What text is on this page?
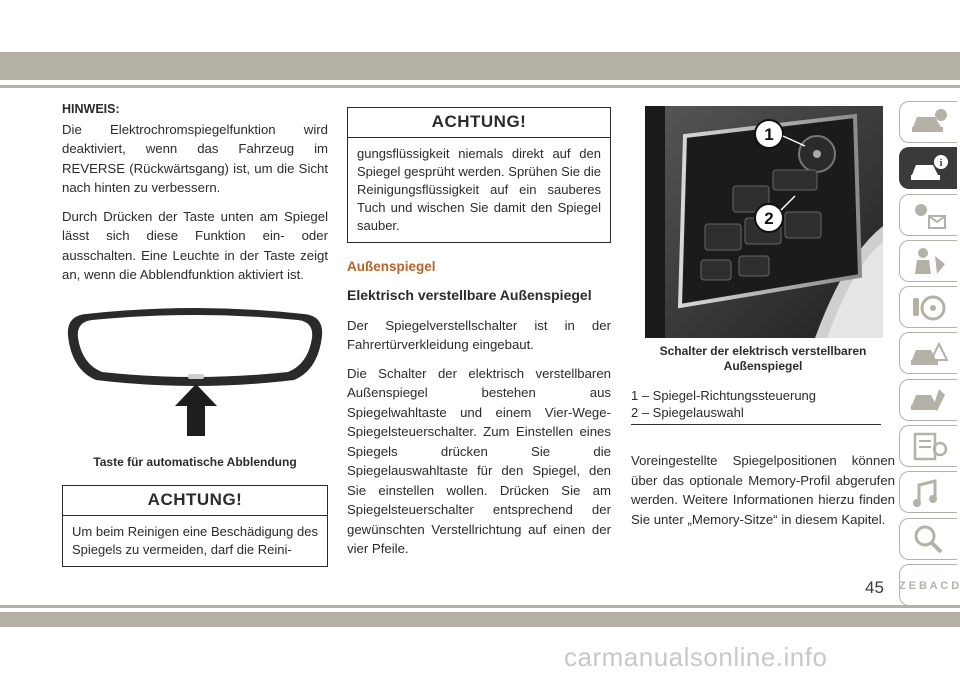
HINWEIS:

Die Elektrochromspiegelfunktion wird deaktiviert, wenn das Fahrzeug im REVERSE (Rückwärtsgang) ist, um die Sicht nach hinten zu verbessern.

Durch Drücken der Taste unten am Spiegel lässt sich diese Funktion ein- oder ausschalten. Eine Leuchte in der Taste zeigt an, wenn die Abblendfunktion aktiviert ist.

Taste für automatische Abblendung
ACHTUNG!
Um beim Reinigen eine Beschädigung des Spiegels zu vermeiden, darf die Reini-
ACHTUNG!
gungsflüssigkeit niemals direkt auf den Spiegel gesprüht werden. Sprühen Sie die Reinigungsflüssigkeit auf ein sauberes Tuch und wischen Sie damit den Spiegel sauber.
Außenspiegel
Elektrisch verstellbare Außenspiegel

Der Spiegelverstellschalter ist in der Fahrertürverkleidung eingebaut.

Die Schalter der elektrisch verstellbaren Außenspiegel bestehen aus Spiegelwahltaste und einem Vier-Wege-Spiegelsteuerschalter. Zum Einstellen eines Spiegels drücken Sie die Spiegelauswahltaste für den Spiegel, den Sie einstellen wollen. Drücken Sie am Spiegelsteuerschalter entsprechend der gewünschten Verstellrichtung auf einen der vier Pfeile.

1
2
Schalter der elektrisch verstellbaren Außenspiegel

1 – Spiegel-Richtungssteuerung

2 – Spiegelauswahl

Voreingestellte Spiegelpositionen können über das optionale Memory-Profil abgerufen werden. Weitere Informationen hierzu finden Sie unter „Memory-Sitze“ in diesem Kapitel.

i
Z E B A C D
45
carmanualsonline.info
